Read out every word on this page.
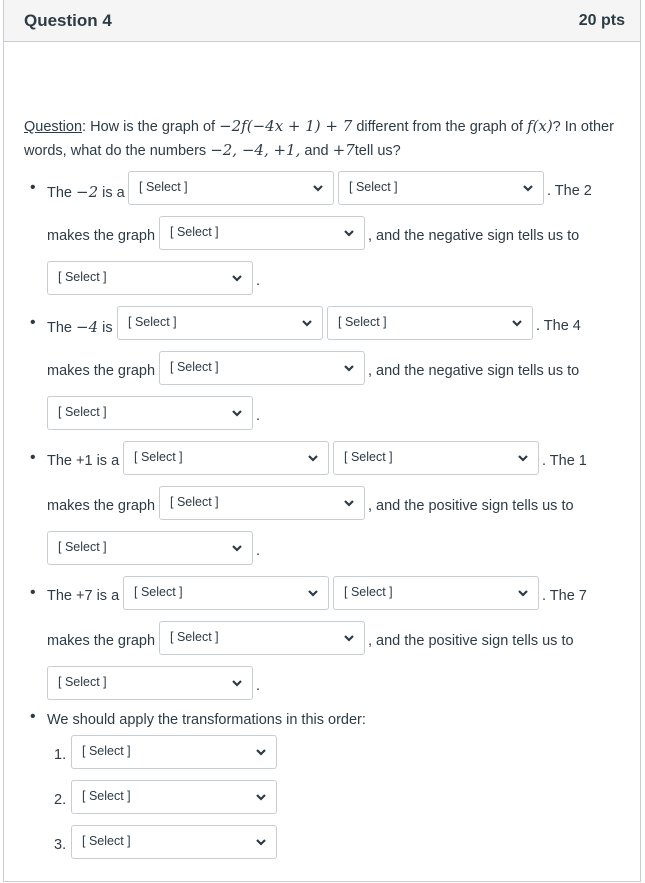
Question 4	20 pts
Question: How is the graph of −2f(−4x + 1) + 7 different from the graph of f(x)? In other words, what do the numbers −2, −4, +1, and +7tell us?
• The −2 is a [ Select ]	[ Select ]	. The 2
makes the graph [ Select ]	, and the negative sign tells us to
[ Select ]	.
• The −4 is [ Select ]	[ Select ]	. The 4
makes the graph [ Select ]	, and the negative sign tells us to
[ Select ]	.
• The +1 is a [ Select ]	[ Select ]	. The 1
makes the graph [ Select ]	, and the positive sign tells us to
[ Select ]	.
• The +7 is a [ Select ]	[ Select ]	. The 7
makes the graph [ Select ]	, and the positive sign tells us to
[ Select ]	.
• We should apply the transformations in this order:
1. [ Select ]
2. [ Select ]
3. [ Select ]
